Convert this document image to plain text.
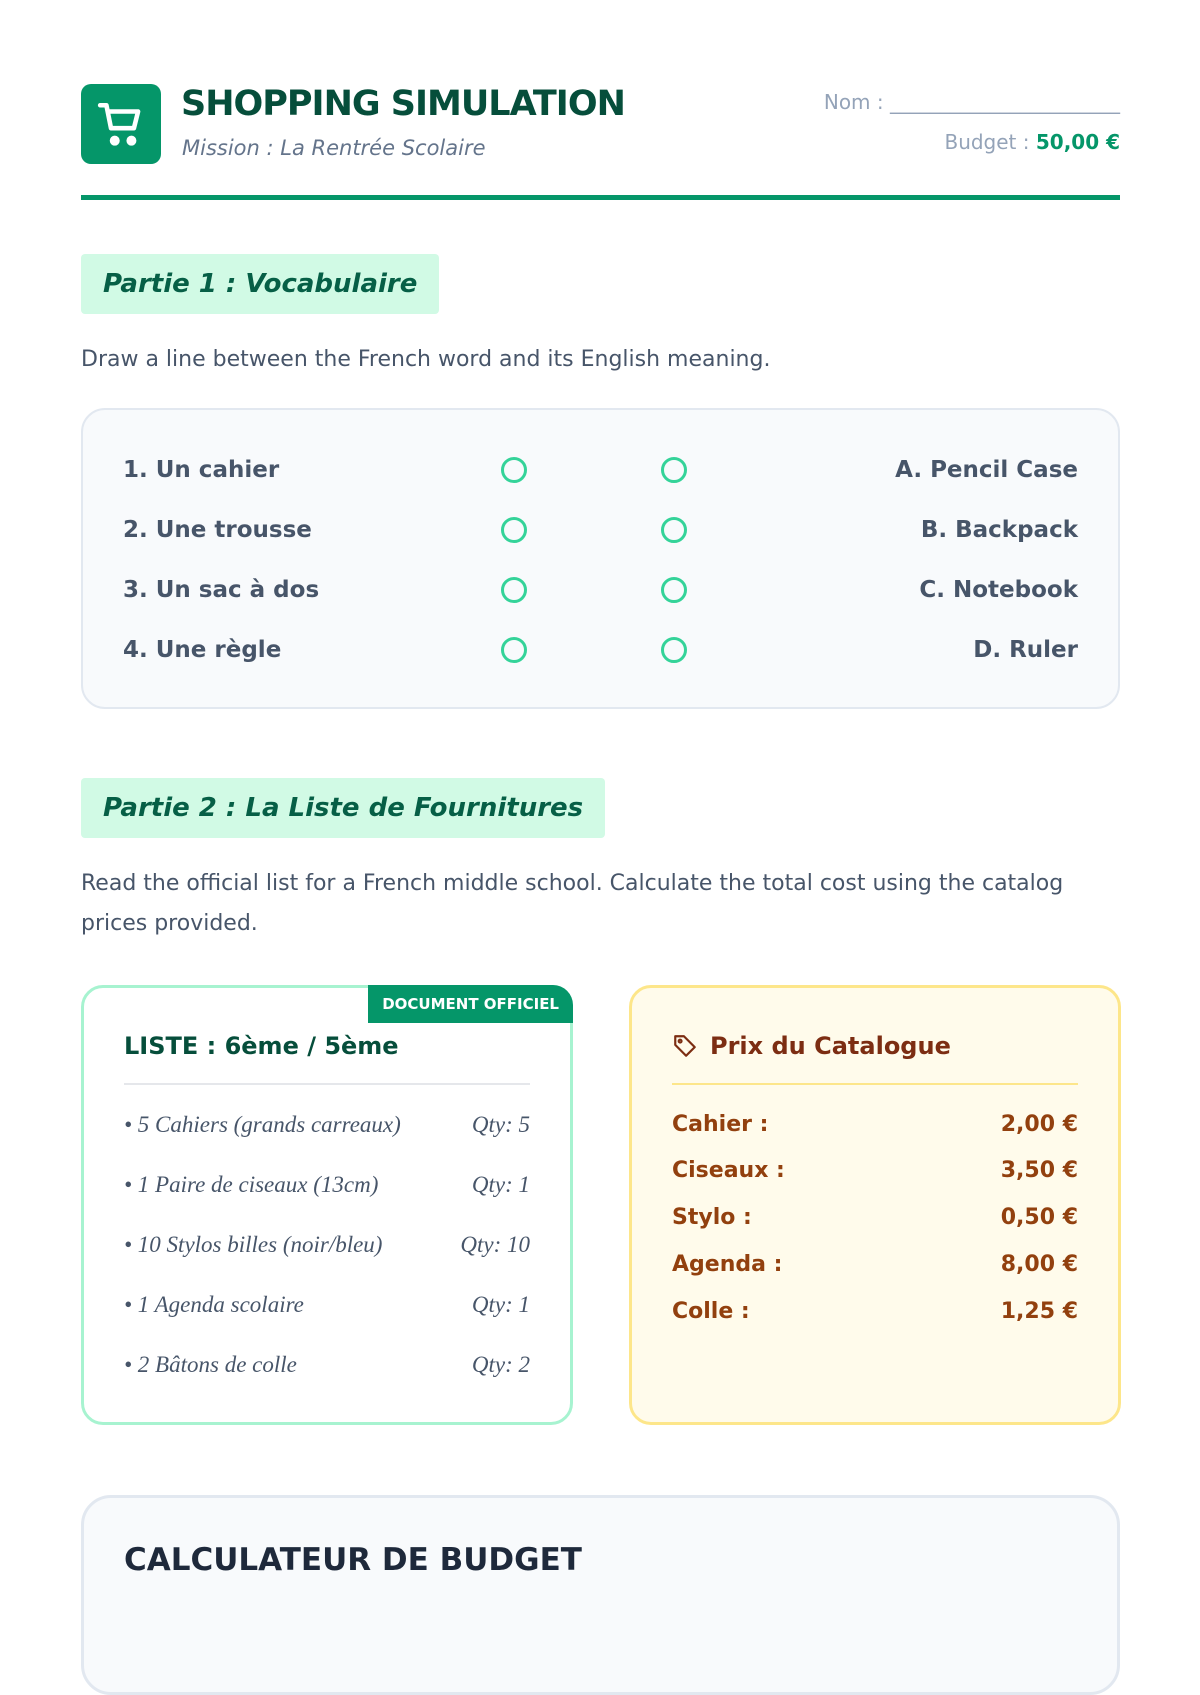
SHOPPING SIMULATION
Mission : La Rentrée Scolaire
Nom : _______________________
Budget : 50,00 €
Partie 1 : Vocabulaire
Draw a line between the French word and its English meaning.
1. Un cahier	A. Pencil Case
2. Une trousse	B. Backpack
3. Un sac à dos	C. Notebook
4. Une règle	D. Ruler
Partie 2 : La Liste de Fournitures
Read the official list for a French middle school. Calculate the total cost using the catalog prices provided.
DOCUMENT OFFICIEL
LISTE : 6ème / 5ème
• 5 Cahiers (grands carreaux)	Qty: 5
• 1 Paire de ciseaux (13cm)	Qty: 1
• 10 Stylos billes (noir/bleu)	Qty: 10
• 1 Agenda scolaire	Qty: 1
• 2 Bâtons de colle	Qty: 2
Prix du Catalogue
Cahier :	2,00 €
Ciseaux :	3,50 €
Stylo :	0,50 €
Agenda :	8,00 €
Colle :	1,25 €
CALCULATEUR DE BUDGET
